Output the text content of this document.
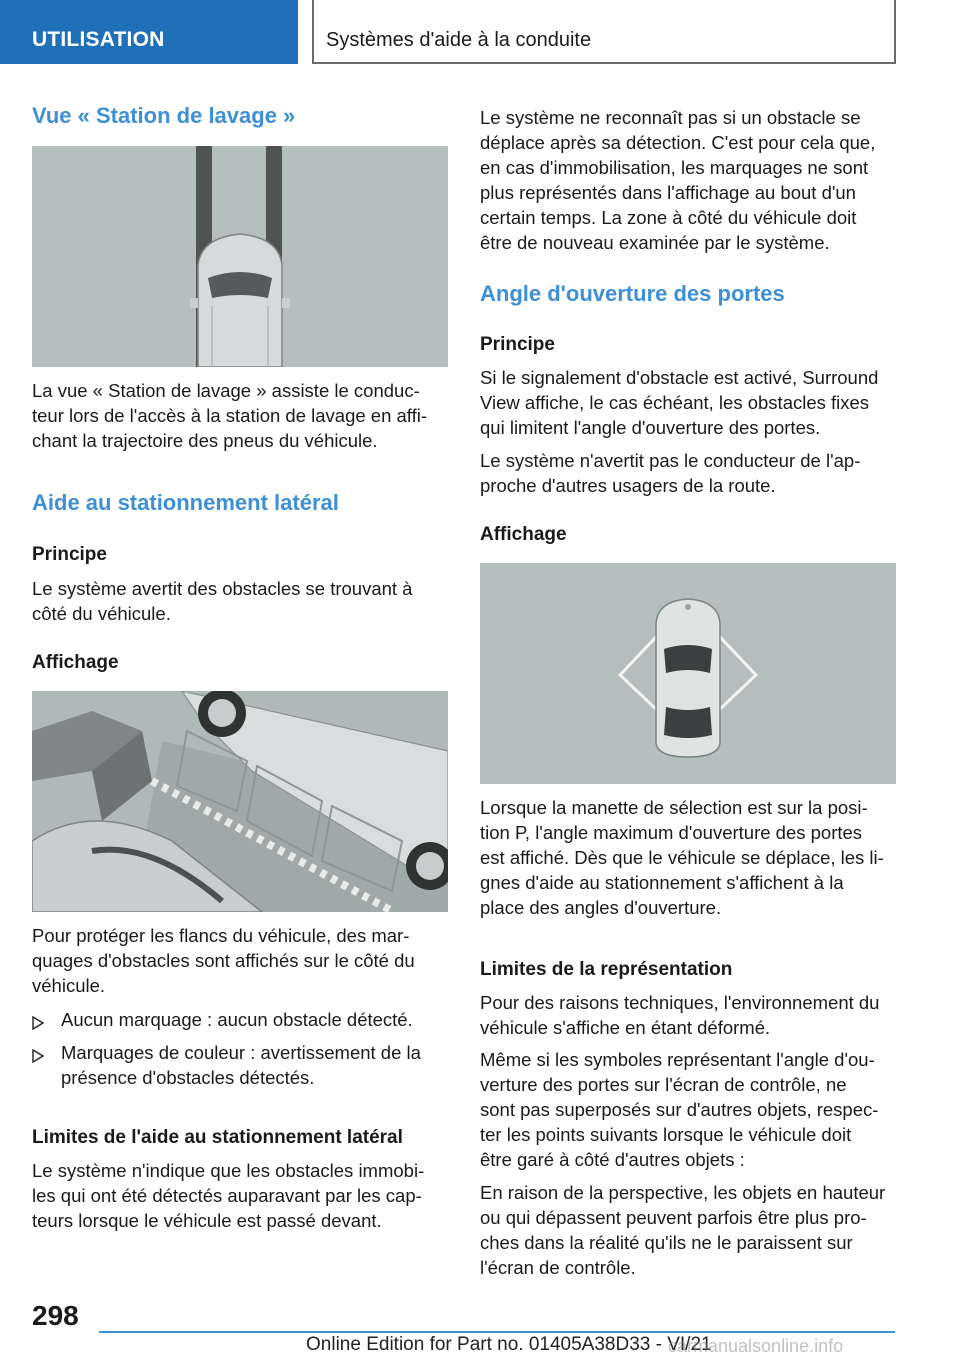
UTILISATION	Systèmes d'aide à la conduite
Vue « Station de lavage »
La vue « Station de lavage » assiste le conduc-
teur lors de l'accès à la station de lavage en affi-
chant la trajectoire des pneus du véhicule.
Aide au stationnement latéral
Principe
Le système avertit des obstacles se trouvant à
côté du véhicule.
Affichage
Pour protéger les flancs du véhicule, des mar-
quages d'obstacles sont affichés sur le côté du
véhicule.
Aucun marquage : aucun obstacle détecté.
Marquages de couleur : avertissement de la
présence d'obstacles détectés.
Limites de l'aide au stationnement latéral
Le système n'indique que les obstacles immobi-
les qui ont été détectés auparavant par les cap-
teurs lorsque le véhicule est passé devant.
Le système ne reconnaît pas si un obstacle se
déplace après sa détection. C'est pour cela que,
en cas d'immobilisation, les marquages ne sont
plus représentés dans l'affichage au bout d'un
certain temps. La zone à côté du véhicule doit
être de nouveau examinée par le système.
Angle d'ouverture des portes
Principe
Si le signalement d'obstacle est activé, Surround
View affiche, le cas échéant, les obstacles fixes
qui limitent l'angle d'ouverture des portes.
Le système n'avertit pas le conducteur de l'ap-
proche d'autres usagers de la route.
Affichage
Lorsque la manette de sélection est sur la posi-
tion P, l'angle maximum d'ouverture des portes
est affiché. Dès que le véhicule se déplace, les li-
gnes d'aide au stationnement s'affichent à la
place des angles d'ouverture.
Limites de la représentation
Pour des raisons techniques, l'environnement du
véhicule s'affiche en étant déformé.
Même si les symboles représentant l'angle d'ou-
verture des portes sur l'écran de contrôle, ne
sont pas superposés sur d'autres objets, respec-
ter les points suivants lorsque le véhicule doit
être garé à côté d'autres objets :
En raison de la perspective, les objets en hauteur
ou qui dépassent peuvent parfois être plus pro-
ches dans la réalité qu'ils ne le paraissent sur
l'écran de contrôle.
298
Online Edition for Part no. 01405A38D33 - VI/21
carmanualsonline.info
